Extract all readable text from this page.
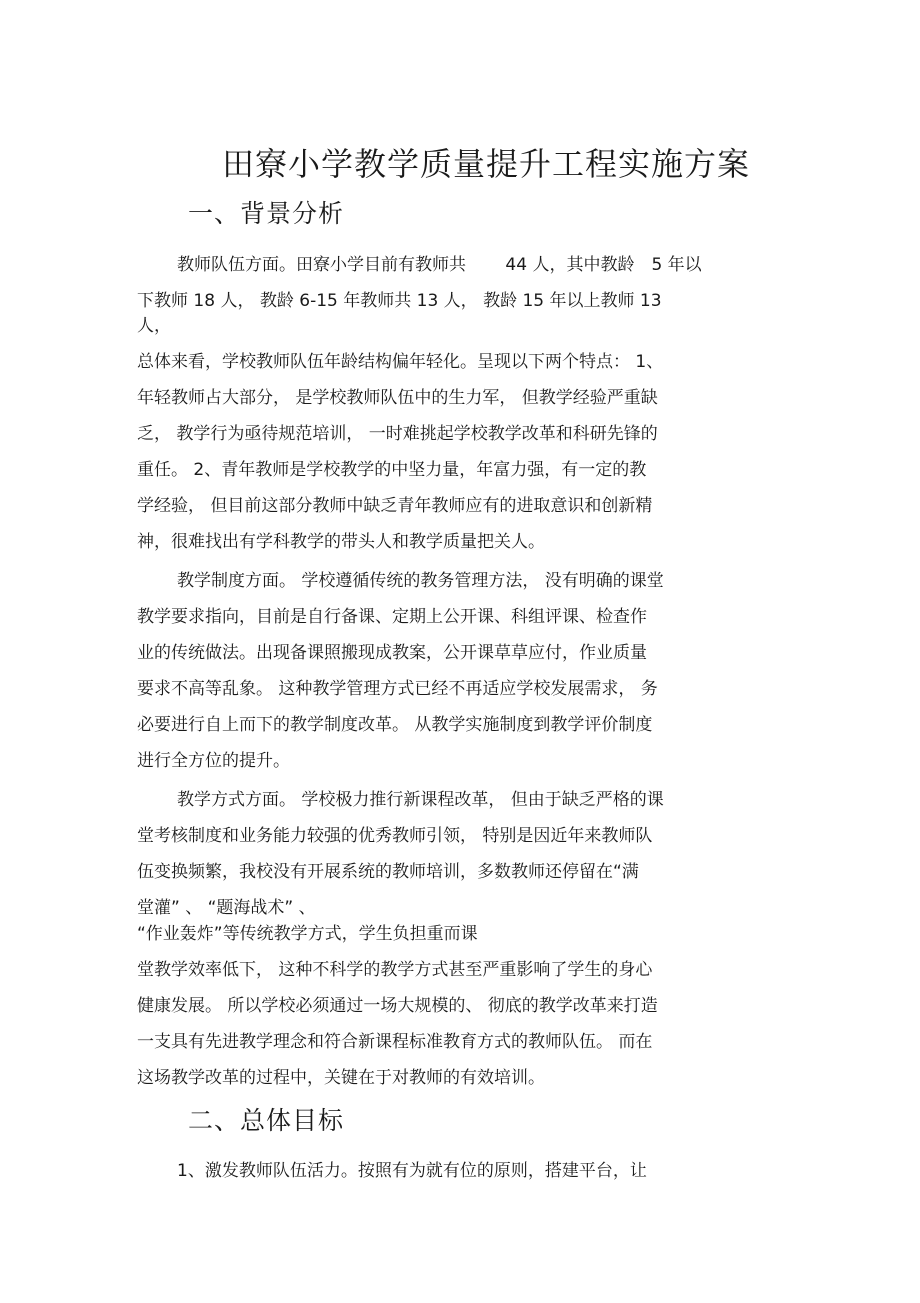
田寮小学教学质量提升工程实施方案
一、背景分析

教师队伍方面。田寮小学目前有教师共　　 44 人，其中教龄　5 年以

下教师 18 人， 教龄 6-15 年教师共 13 人， 教龄 15 年以上教师 13

人，

总体来看，学校教师队伍年龄结构偏年轻化。呈现以下两个特点： 1、

年轻教师占大部分， 是学校教师队伍中的生力军， 但教学经验严重缺

乏， 教学行为亟待规范培训， 一时难挑起学校教学改革和科研先锋的

重任。 2、青年教师是学校教学的中坚力量，年富力强，有一定的教

学经验， 但目前这部分教师中缺乏青年教师应有的进取意识和创新精

神，很难找出有学科教学的带头人和教学质量把关人。

教学制度方面。 学校遵循传统的教务管理方法， 没有明确的课堂

教学要求指向，目前是自行备课、定期上公开课、科组评课、检查作

业的传统做法。出现备课照搬现成教案，公开课草草应付，作业质量

要求不高等乱象。 这种教学管理方式已经不再适应学校发展需求， 务

必要进行自上而下的教学制度改革。 从教学实施制度到教学评价制度

进行全方位的提升。

教学方式方面。 学校极力推行新课程改革， 但由于缺乏严格的课

堂考核制度和业务能力较强的优秀教师引领， 特别是因近年来教师队

伍变换频繁，我校没有开展系统的教师培训，多数教师还停留在“满

堂灌” 、 “题海战术” 、

“作业轰炸”等传统教学方式，学生负担重而课

堂教学效率低下， 这种不科学的教学方式甚至严重影响了学生的身心

健康发展。 所以学校必须通过一场大规模的、 彻底的教学改革来打造

一支具有先进教学理念和符合新课程标准教育方式的教师队伍。 而在

这场教学改革的过程中，关键在于对教师的有效培训。

二、总体目标

1、激发教师队伍活力。按照有为就有位的原则，搭建平台，让
